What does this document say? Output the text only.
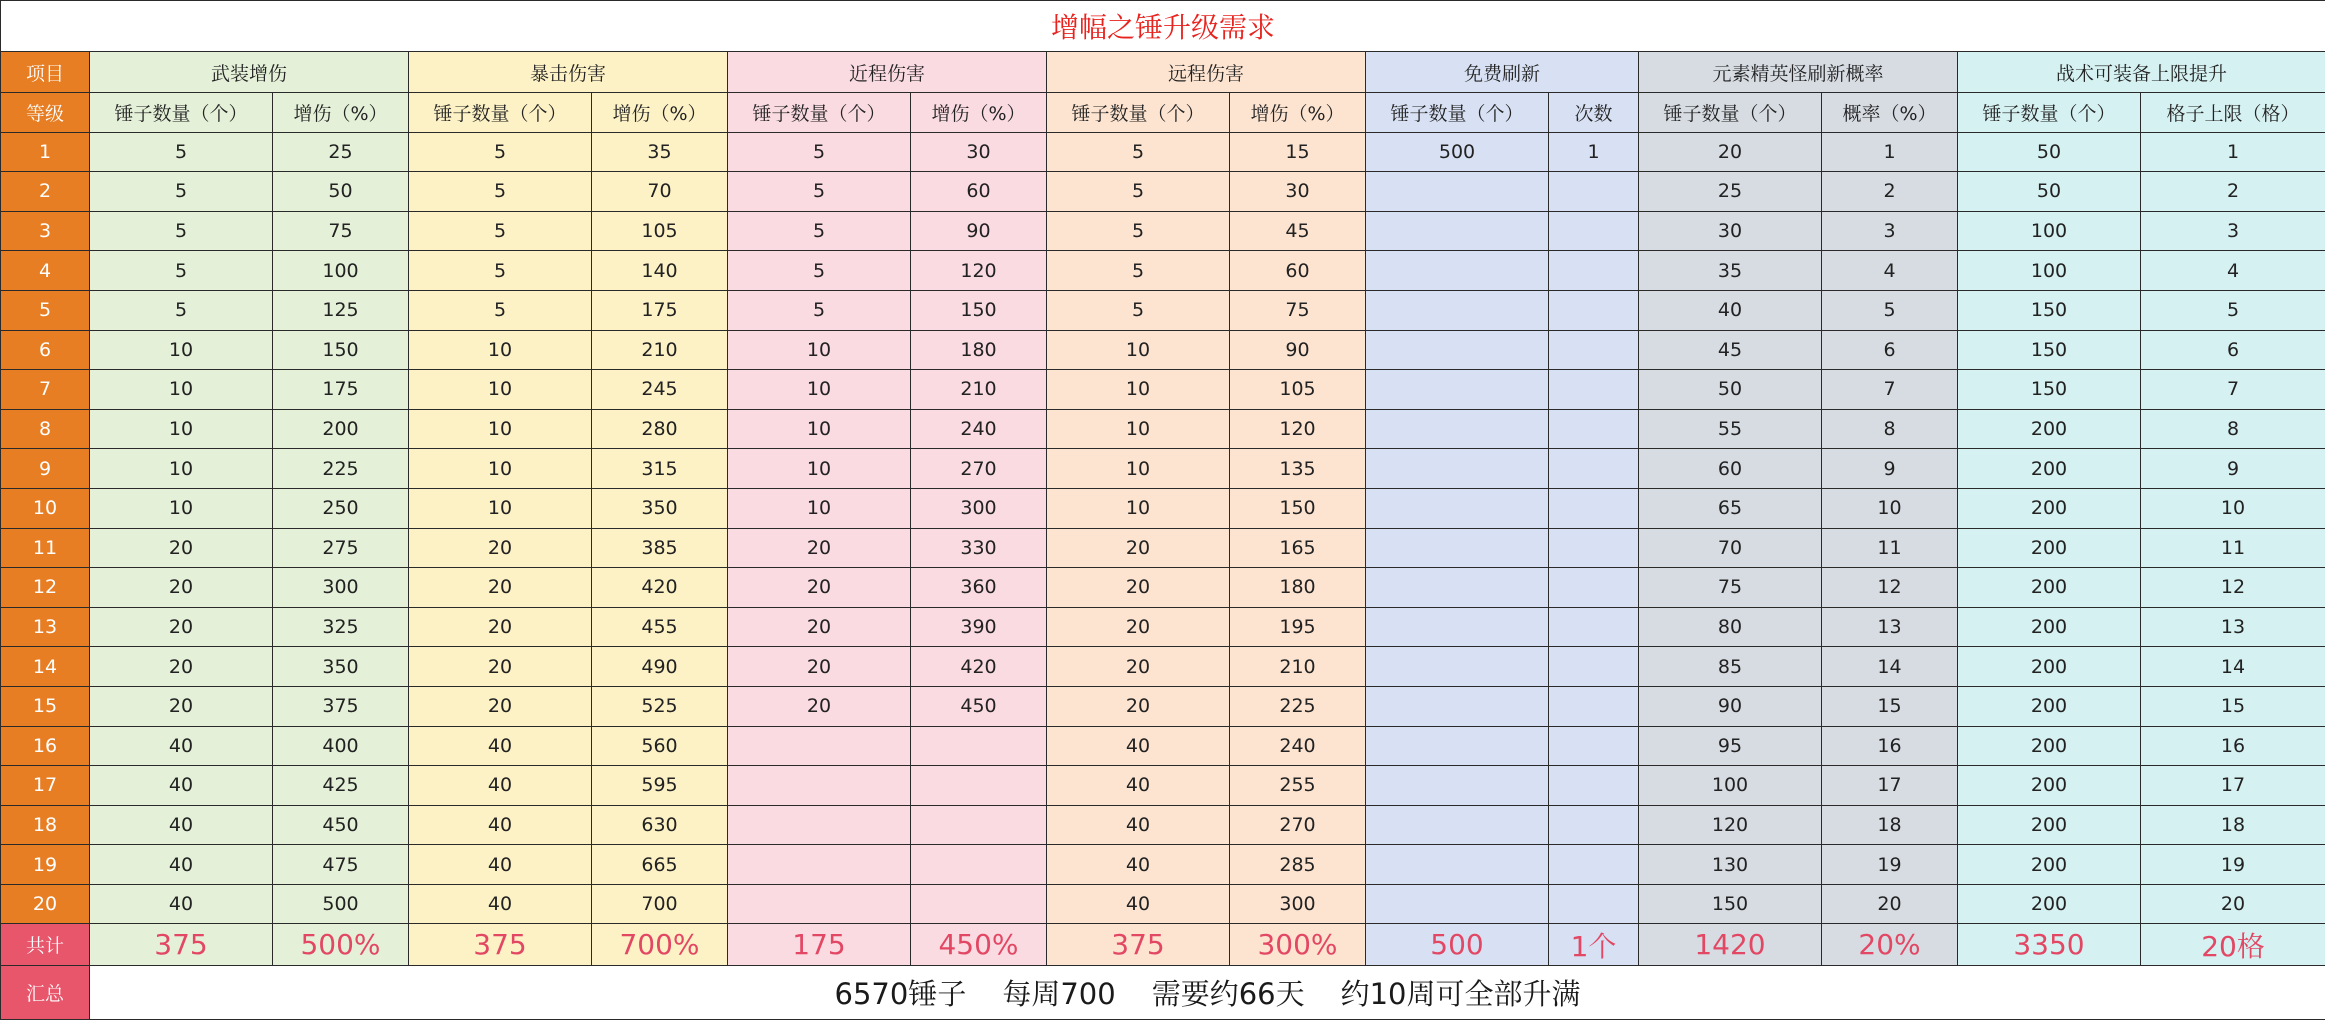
增幅之锤升级需求														
项目	武装增伤		暴击伤害		近程伤害		远程伤害		免费刷新		元素精英怪刷新概率		战术可装备上限提升	
等级	锤子数量（个）	增伤（%）	锤子数量（个）	增伤（%）	锤子数量（个）	增伤（%）	锤子数量（个）	增伤（%）	锤子数量（个）	次数	锤子数量（个）	概率（%）	锤子数量（个）	格子上限（格）
1	5	25	5	35	5	30	5	15	500	1	20	1	50	1
2	5	50	5	70	5	60	5	30			25	2	50	2
3	5	75	5	105	5	90	5	45			30	3	100	3
4	5	100	5	140	5	120	5	60			35	4	100	4
5	5	125	5	175	5	150	5	75			40	5	150	5
6	10	150	10	210	10	180	10	90			45	6	150	6
7	10	175	10	245	10	210	10	105			50	7	150	7
8	10	200	10	280	10	240	10	120			55	8	200	8
9	10	225	10	315	10	270	10	135			60	9	200	9
10	10	250	10	350	10	300	10	150			65	10	200	10
11	20	275	20	385	20	330	20	165			70	11	200	11
12	20	300	20	420	20	360	20	180			75	12	200	12
13	20	325	20	455	20	390	20	195			80	13	200	13
14	20	350	20	490	20	420	20	210			85	14	200	14
15	20	375	20	525	20	450	20	225			90	15	200	15
16	40	400	40	560			40	240			95	16	200	16
17	40	425	40	595			40	255			100	17	200	17
18	40	450	40	630			40	270			120	18	200	18
19	40	475	40	665			40	285			130	19	200	19
20	40	500	40	700			40	300			150	20	200	20
共计	375	500%	375	700%	175	450%	375	300%	500	1个	1420	20%	3350	20格
汇总	6570锤子 每周700 需要约66天 约10周可全部升满													
